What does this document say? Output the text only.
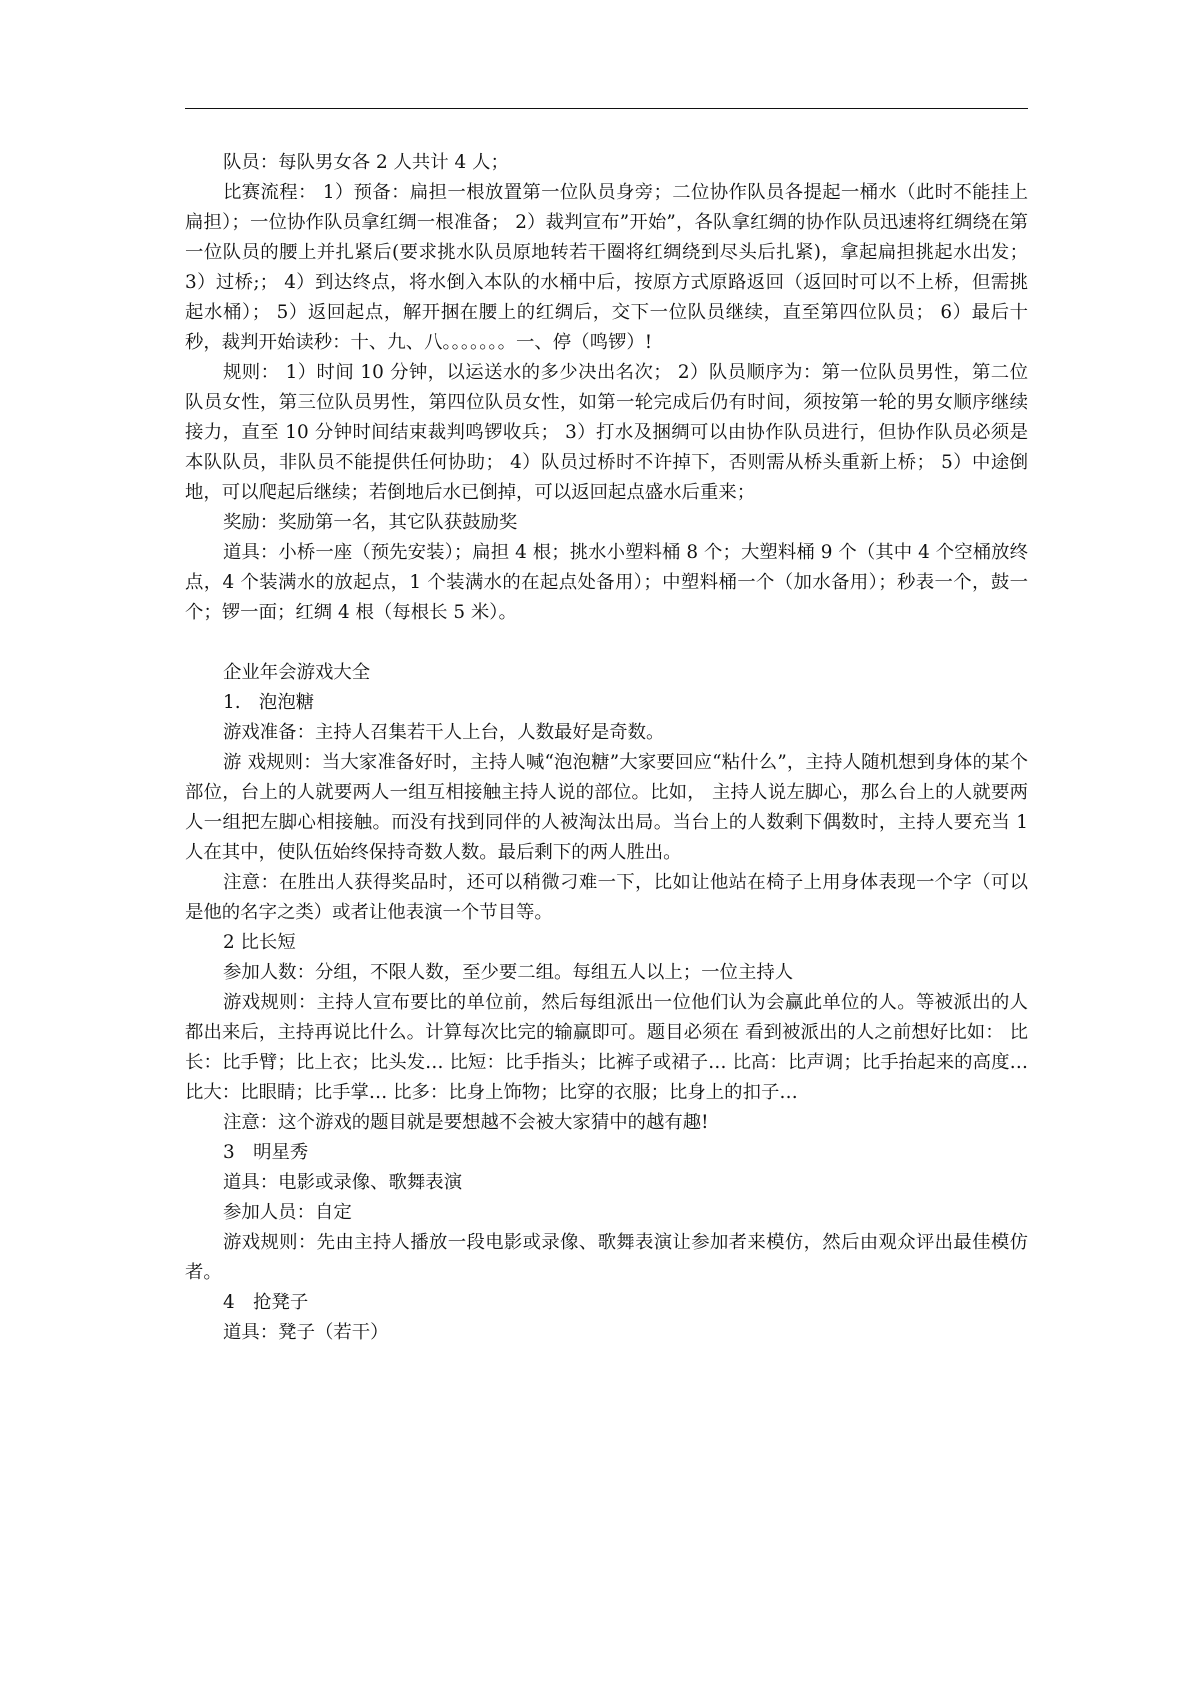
队员：每队男女各 2 人共计 4 人；

比赛流程： 1）预备：扁担一根放置第一位队员身旁；二位协作队员各提起一桶水（此时不能挂上扁担）；一位协作队员拿红绸一根准备； 2）裁判宣布”开始”，各队拿红绸的协作队员迅速将红绸绕在第一位队员的腰上并扎紧后(要求挑水队员原地转若干圈将红绸绕到尽头后扎紧)，拿起扁担挑起水出发； 3）过桥;； 4）到达终点，将水倒入本队的水桶中后，按原方式原路返回（返回时可以不上桥，但需挑起水桶）； 5）返回起点，解开捆在腰上的红绸后，交下一位队员继续，直至第四位队员； 6）最后十秒，裁判开始读秒：十、九、八。。。。。。。一、停（鸣锣）!

规则： 1）时间 10 分钟，以运送水的多少决出名次； 2）队员顺序为：第一位队员男性，第二位队员女性，第三位队员男性，第四位队员女性，如第一轮完成后仍有时间，须按第一轮的男女顺序继续接力，直至 10 分钟时间结束裁判鸣锣收兵； 3）打水及捆绸可以由协作队员进行，但协作队员必须是本队队员，非队员不能提供任何协助； 4）队员过桥时不许掉下，否则需从桥头重新上桥； 5）中途倒地，可以爬起后继续；若倒地后水已倒掉，可以返回起点盛水后重来；

奖励：奖励第一名，其它队获鼓励奖

道具：小桥一座（预先安装）；扁担 4 根；挑水小塑料桶 8 个；大塑料桶 9 个（其中 4 个空桶放终点，4 个装满水的放起点，1 个装满水的在起点处备用）；中塑料桶一个（加水备用）；秒表一个，鼓一个；锣一面；红绸 4 根（每根长 5 米）。

企业年会游戏大全

1.　泡泡糖

游戏准备：主持人召集若干人上台，人数最好是奇数。

游 戏规则：当大家准备好时，主持人喊“泡泡糖”大家要回应“粘什么”，主持人随机想到身体的某个部位，台上的人就要两人一组互相接触主持人说的部位。比如， 主持人说左脚心，那么台上的人就要两人一组把左脚心相接触。而没有找到同伴的人被淘汰出局。当台上的人数剩下偶数时，主持人要充当 1 人在其中，使队伍始终保持奇数人数。最后剩下的两人胜出。

注意：在胜出人获得奖品时，还可以稍微刁难一下，比如让他站在椅子上用身体表现一个字（可以是他的名字之类）或者让他表演一个节目等。

2 比长短

参加人数：分组，不限人数，至少要二组。每组五人以上；一位主持人

游戏规则：主持人宣布要比的单位前，然后每组派出一位他们认为会赢此单位的人。等被派出的人都出来后，主持再说比什么。计算每次比完的输赢即可。题目必须在 看到被派出的人之前想好比如： 比长：比手臂；比上衣；比头发… 比短：比手指头；比裤子或裙子… 比高：比声调；比手抬起来的高度… 比大：比眼睛；比手掌… 比多：比身上饰物；比穿的衣服；比身上的扣子…

注意：这个游戏的题目就是要想越不会被大家猜中的越有趣!

3　明星秀

道具：电影或录像、歌舞表演

参加人员：自定

游戏规则：先由主持人播放一段电影或录像、歌舞表演让参加者来模仿，然后由观众评出最佳模仿者。

4　抢凳子

道具：凳子（若干）
